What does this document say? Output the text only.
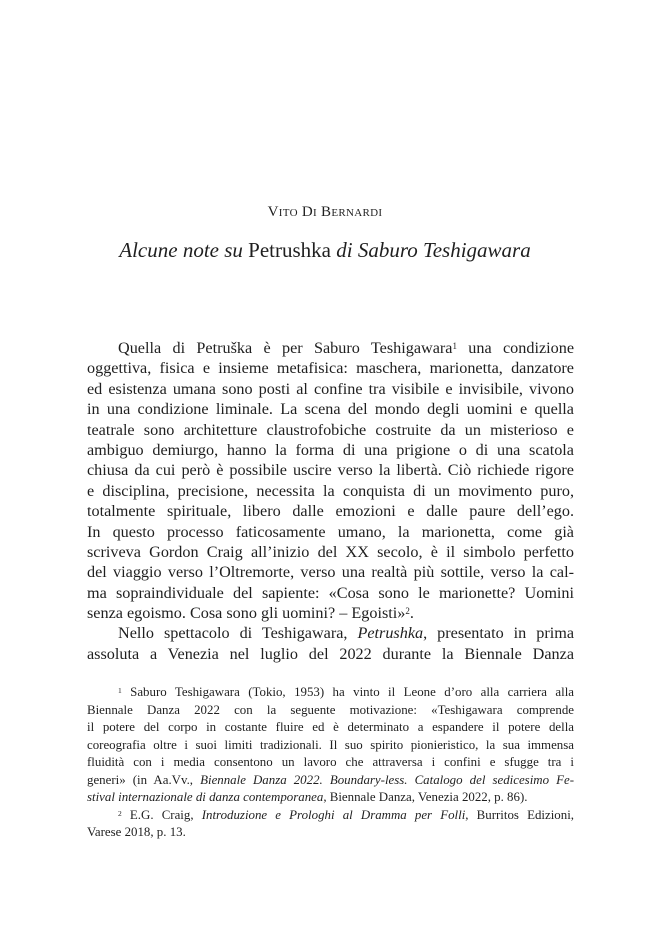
Vito Di Bernardi
Alcune note su Petrushka di Saburo Teshigawara
Quella di Petruška è per Saburo Teshigawara$^1$ una condizione
oggettiva, fisica e insieme metafisica: maschera, marionetta, danzatore
ed esistenza umana sono posti al confine tra visibile e invisibile, vivono
in una condizione liminale. La scena del mondo degli uomini e quella
teatrale sono architetture claustrofobiche costruite da un misterioso e
ambiguo demiurgo, hanno la forma di una prigione o di una scatola
chiusa da cui però è possibile uscire verso la libertà. Ciò richiede rigore
e disciplina, precisione, necessita la conquista di un movimento puro,
totalmente spirituale, libero dalle emozioni e dalle paure dell’ego.
In questo processo faticosamente umano, la marionetta, come già
scriveva Gordon Craig all’inizio del XX secolo, è il simbolo perfetto
del viaggio verso l’Oltremorte, verso una realtà più sottile, verso la cal-
ma sopraindividuale del sapiente: «Cosa sono le marionette? Uomini
senza egoismo. Cosa sono gli uomini? – Egoisti»$^2$.
Nello spettacolo di Teshigawara, Petrushka, presentato in prima
assoluta a Venezia nel luglio del 2022 durante la Biennale Danza
$^1$ Saburo Teshigawara (Tokio, 1953) ha vinto il Leone d’oro alla carriera alla
Biennale Danza 2022 con la seguente motivazione: «Teshigawara comprende
il potere del corpo in costante fluire ed è determinato a espandere il potere della
coreografia oltre i suoi limiti tradizionali. Il suo spirito pionieristico, la sua immensa
fluidità con i media consentono un lavoro che attraversa i confini e sfugge tra i
generi» (in Aa.Vv., Biennale Danza 2022. Boundary-less. Catalogo del sedicesimo Fe-
stival internazionale di danza contemporanea, Biennale Danza, Venezia 2022, p. 86).
$^2$ E.G. Craig, Introduzione e Prologhi al Dramma per Folli, Burritos Edizioni,
Varese 2018, p. 13.
